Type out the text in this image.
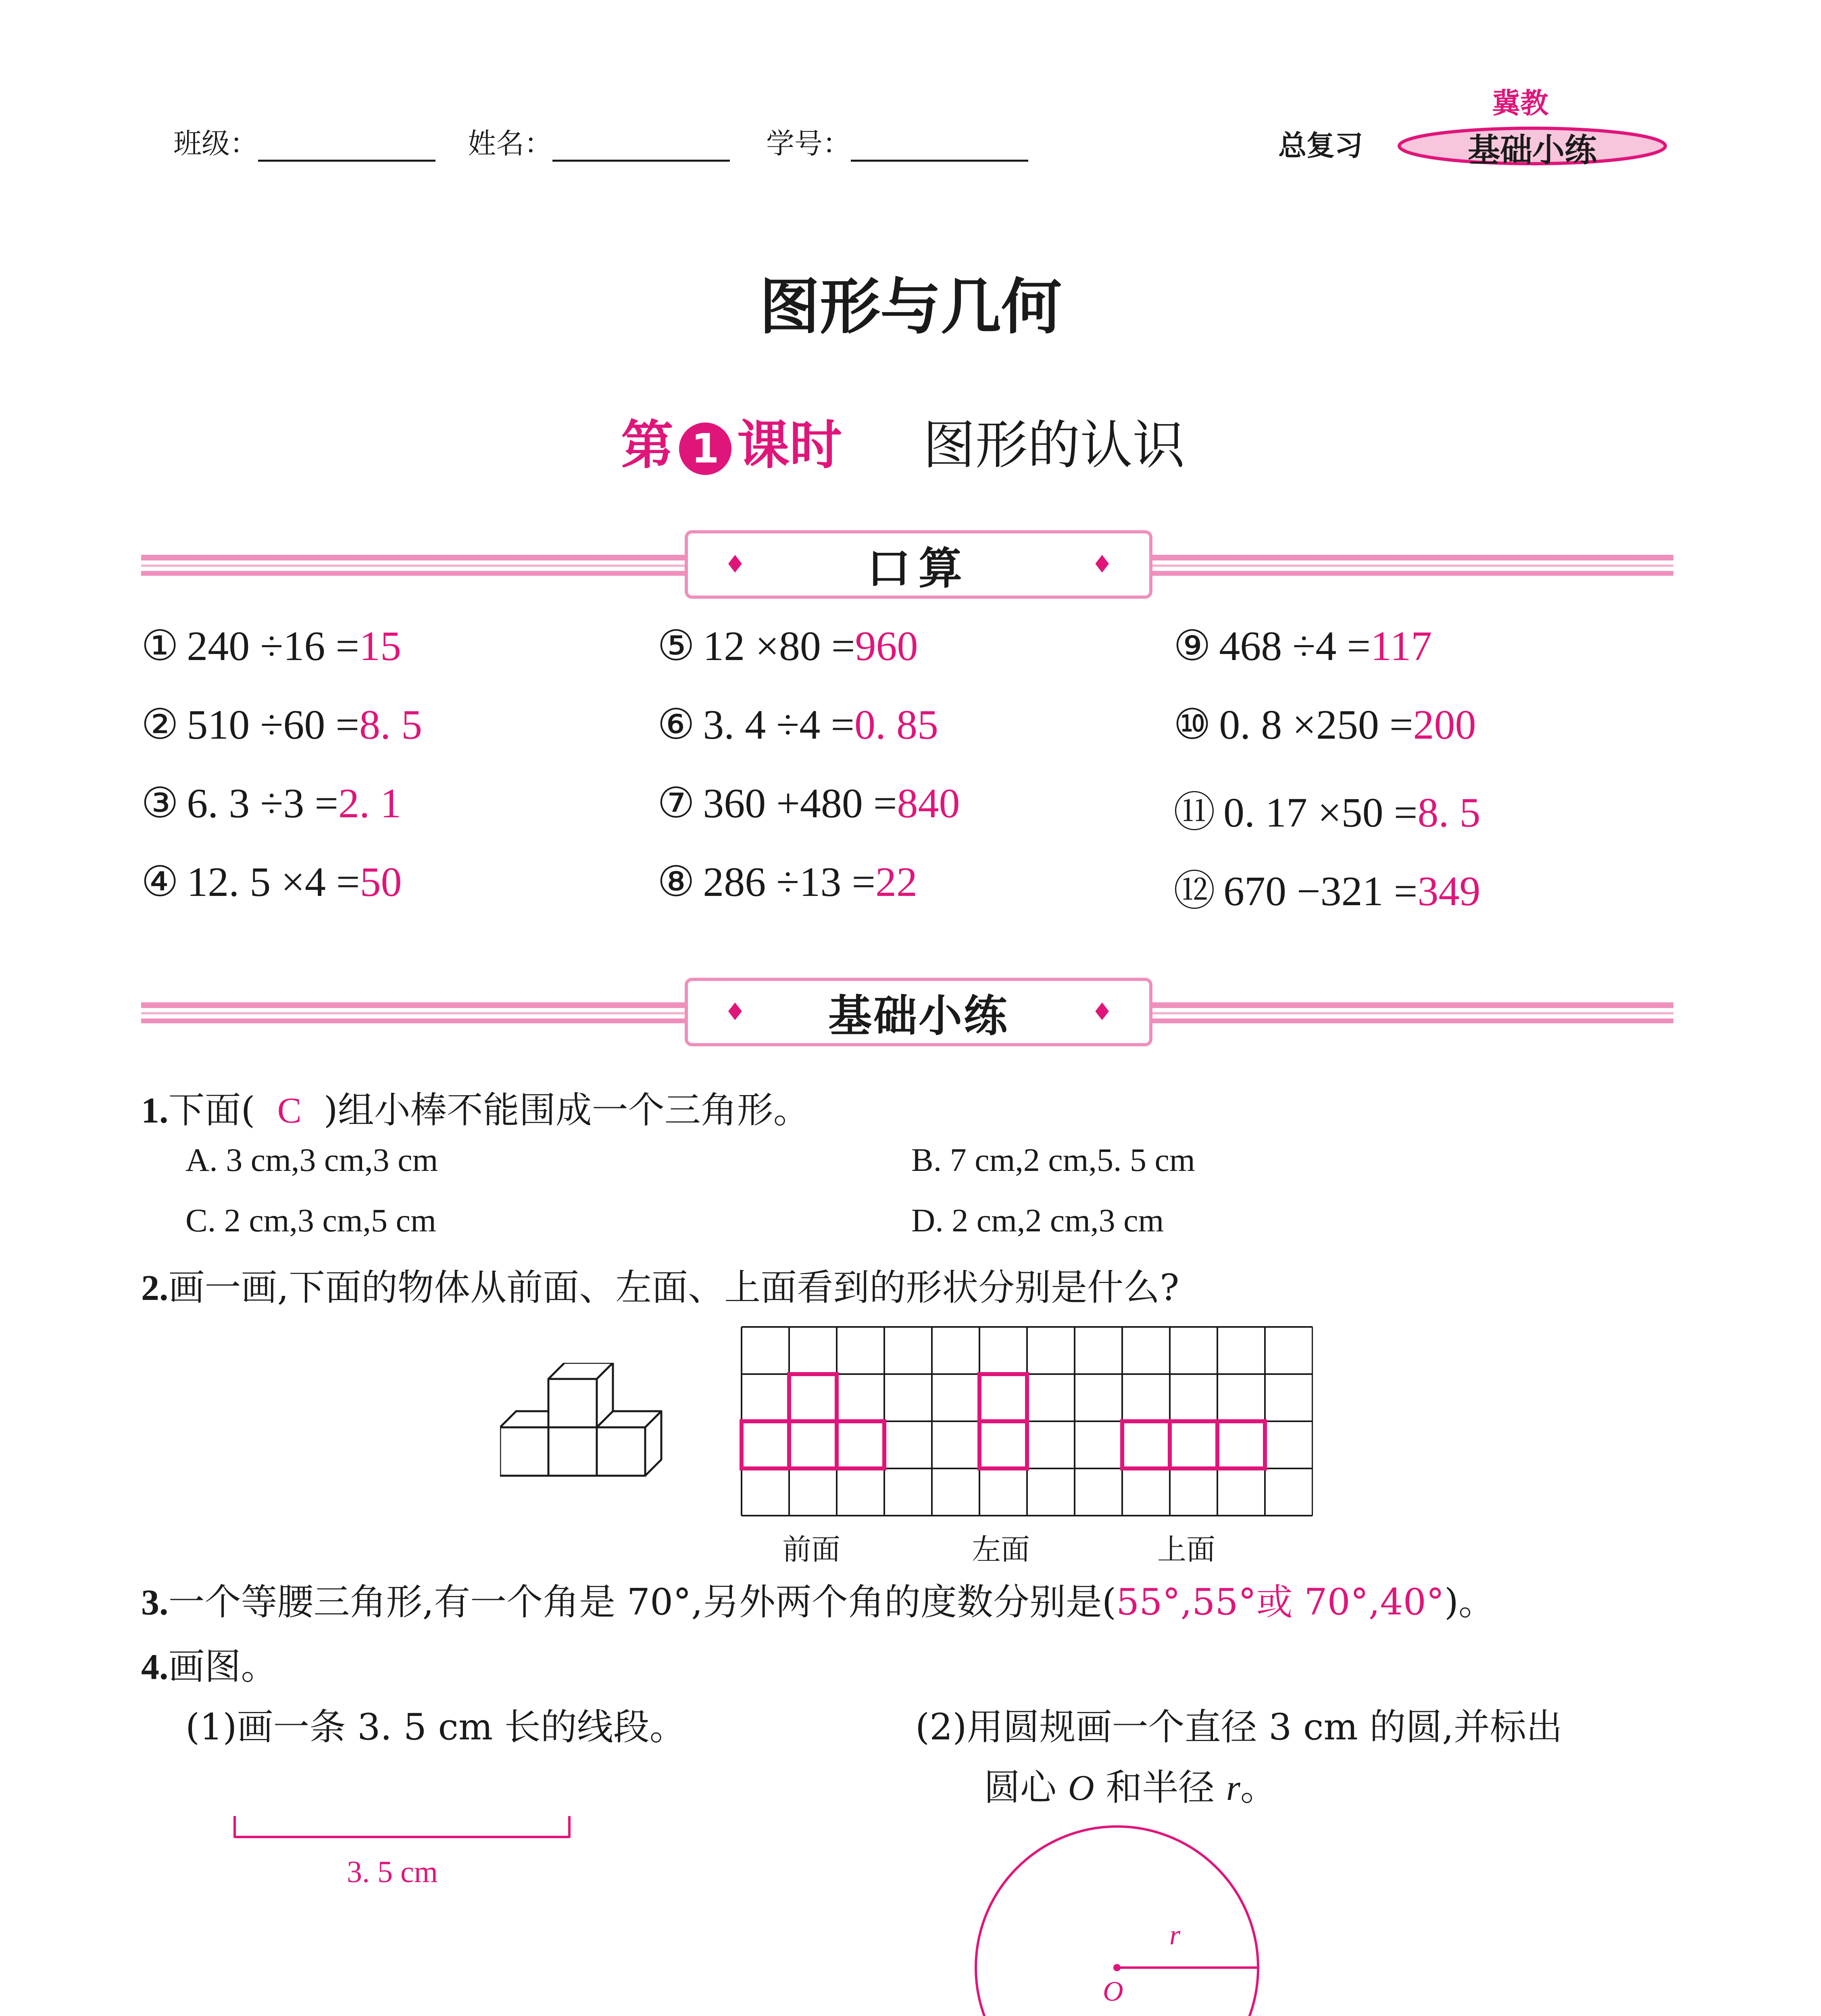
班级：	姓名：	学号：	总复习
冀教
基础小练
图形与几何
第 1 课时 图形的认识
♦	口算	♦
① 240 ÷16 =15
② 510 ÷60 =8. 5
③ 6. 3 ÷3 =2. 1
④ 12. 5 ×4 =50
⑤ 12 ×80 =960
⑥ 3. 4 ÷4 =0. 85
⑦ 360 +480 =840
⑧ 286 ÷13 =22
⑨ 468 ÷4 =117
⑩ 0. 8 ×250 =200
⑪ 0. 17 ×50 =8. 5
⑫ 670 −321 =349
♦ 基础小练	♦
1.下面( C )组小棒不能围成一个三角形。
A. 3 cm,3 cm,3 cm	B. 7 cm,2 cm,5. 5 cm
C. 2 cm,3 cm,5 cm	D. 2 cm,2 cm,3 cm
2.画一画,下面的物体从前面、左面、上面看到的形状分别是什么?
前面	左面	上面
3.一个等腰三角形,有一个角是 70°,另外两个角的度数分别是(55°,55°或 70°,40°)。
4.画图。
(1)画一条 3. 5 cm 长的线段。	(2)用圆规画一个直径 3 cm 的圆,并标出
圆心 O 和半径 r。
3. 5 cm
r
O
